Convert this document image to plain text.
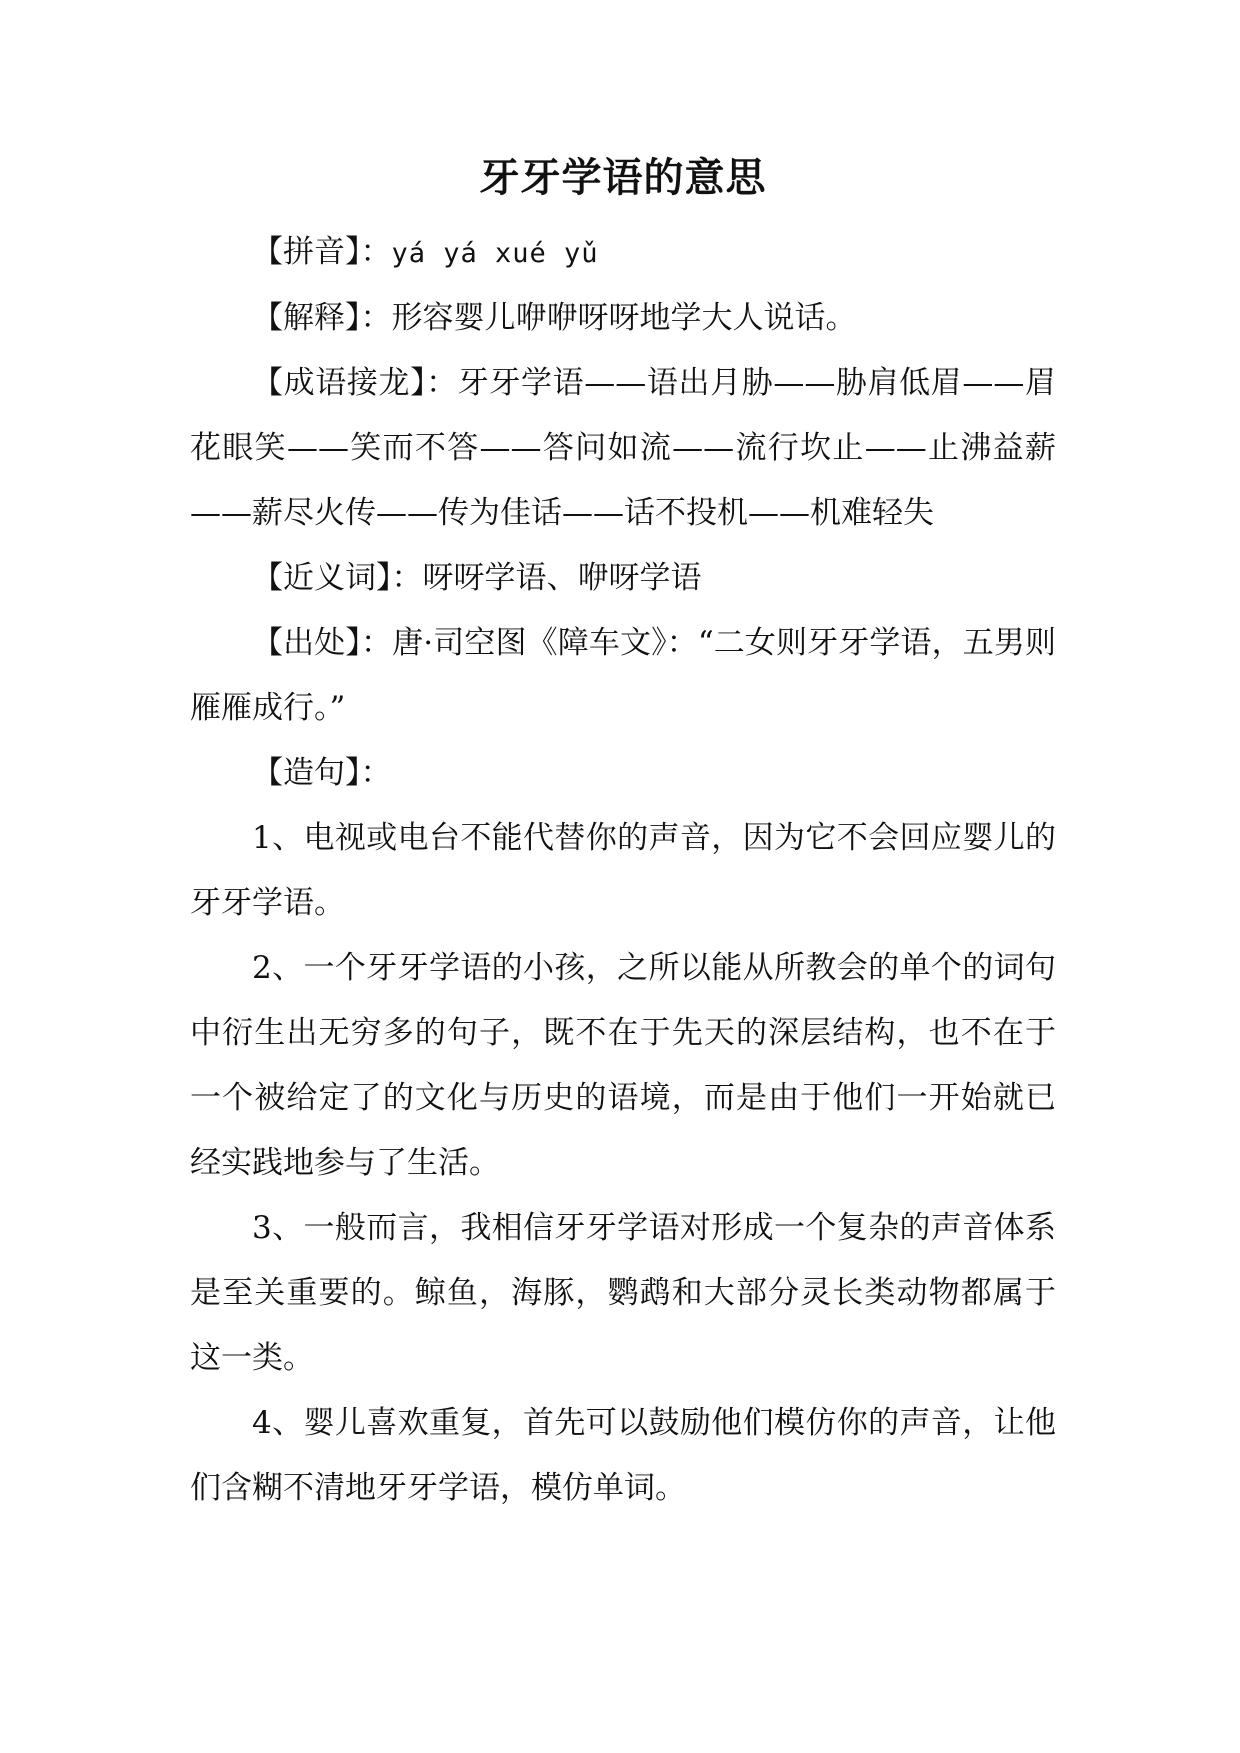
牙牙学语的意思

【拼音】：yá yá xué yǔ

【解释】：形容婴儿咿咿呀呀地学大人说话。

【成语接龙】：牙牙学语——语出月胁——胁肩低眉——眉花眼笑——笑而不答——答问如流——流行坎止——止沸益薪——薪尽火传——传为佳话——话不投机——机难轻失

【近义词】：呀呀学语、咿呀学语

【出处】：唐·司空图《障车文》：“二女则牙牙学语，五男则雁雁成行。”

【造句】：

1、电视或电台不能代替你的声音，因为它不会回应婴儿的牙牙学语。

2、一个牙牙学语的小孩，之所以能从所教会的单个的词句中衍生出无穷多的句子，既不在于先天的深层结构，也不在于一个被给定了的文化与历史的语境，而是由于他们一开始就已经实践地参与了生活。

3、一般而言，我相信牙牙学语对形成一个复杂的声音体系是至关重要的。鲸鱼，海豚，鹦鹉和大部分灵长类动物都属于这一类。

4、婴儿喜欢重复，首先可以鼓励他们模仿你的声音，让他们含糊不清地牙牙学语，模仿单词。
